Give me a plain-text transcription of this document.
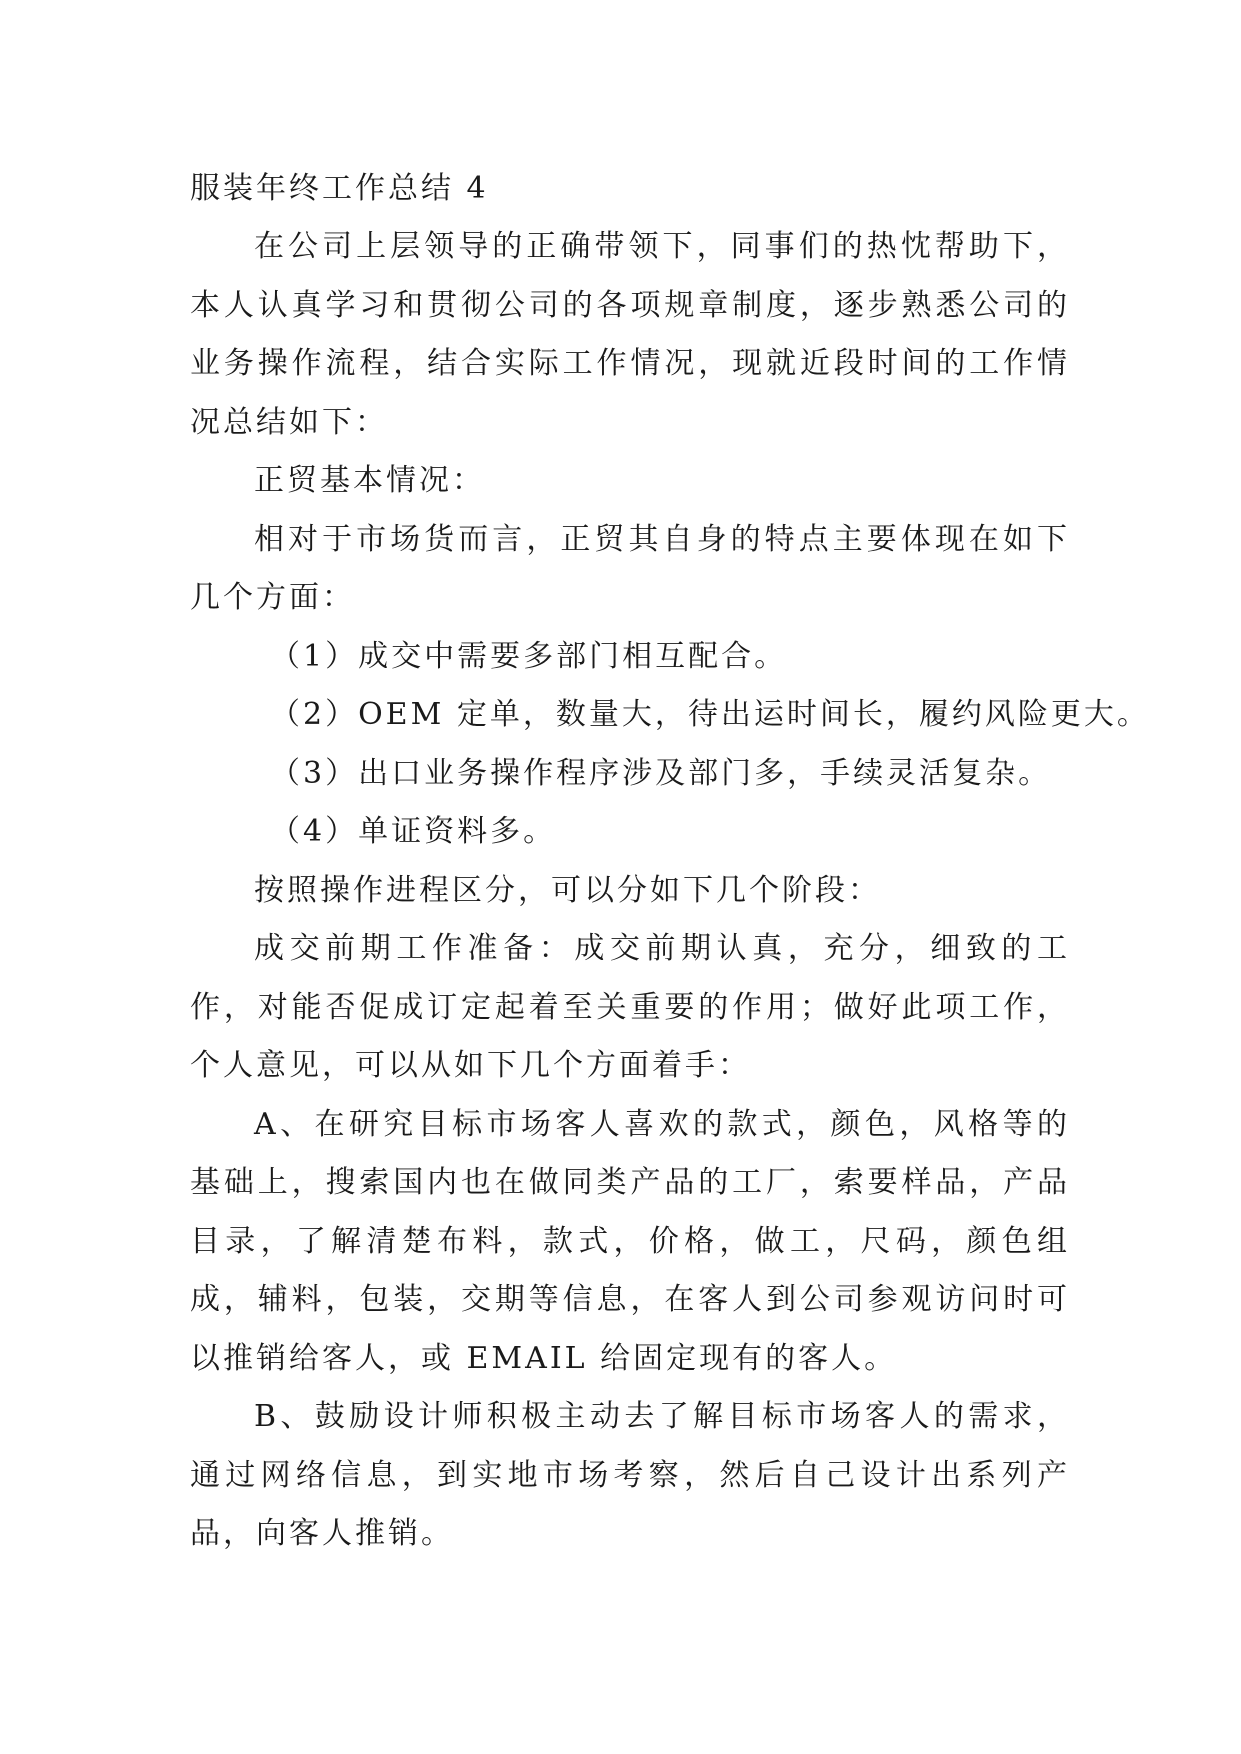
服装年终工作总结 4

在公司上层领导的正确带领下，同事们的热忱帮助下，本人认真学习和贯彻公司的各项规章制度，逐步熟悉公司的业务操作流程，结合实际工作情况，现就近段时间的工作情况总结如下：

正贸基本情况：

相对于市场货而言，正贸其自身的特点主要体现在如下几个方面：

（1）成交中需要多部门相互配合。

（2）OEM 定单，数量大，待出运时间长，履约风险更大。

（3）出口业务操作程序涉及部门多，手续灵活复杂。

（4）单证资料多。

按照操作进程区分，可以分如下几个阶段：

成交前期工作准备：成交前期认真，充分，细致的工作，对能否促成订定起着至关重要的作用；做好此项工作，个人意见，可以从如下几个方面着手：

A、在研究目标市场客人喜欢的款式，颜色，风格等的基础上，搜索国内也在做同类产品的工厂，索要样品，产品目录，了解清楚布料，款式，价格，做工，尺码，颜色组成，辅料，包装，交期等信息，在客人到公司参观访问时可以推销给客人，或 EMAIL 给固定现有的客人。

B、鼓励设计师积极主动去了解目标市场客人的需求，通过网络信息，到实地市场考察，然后自己设计出系列产品，向客人推销。
